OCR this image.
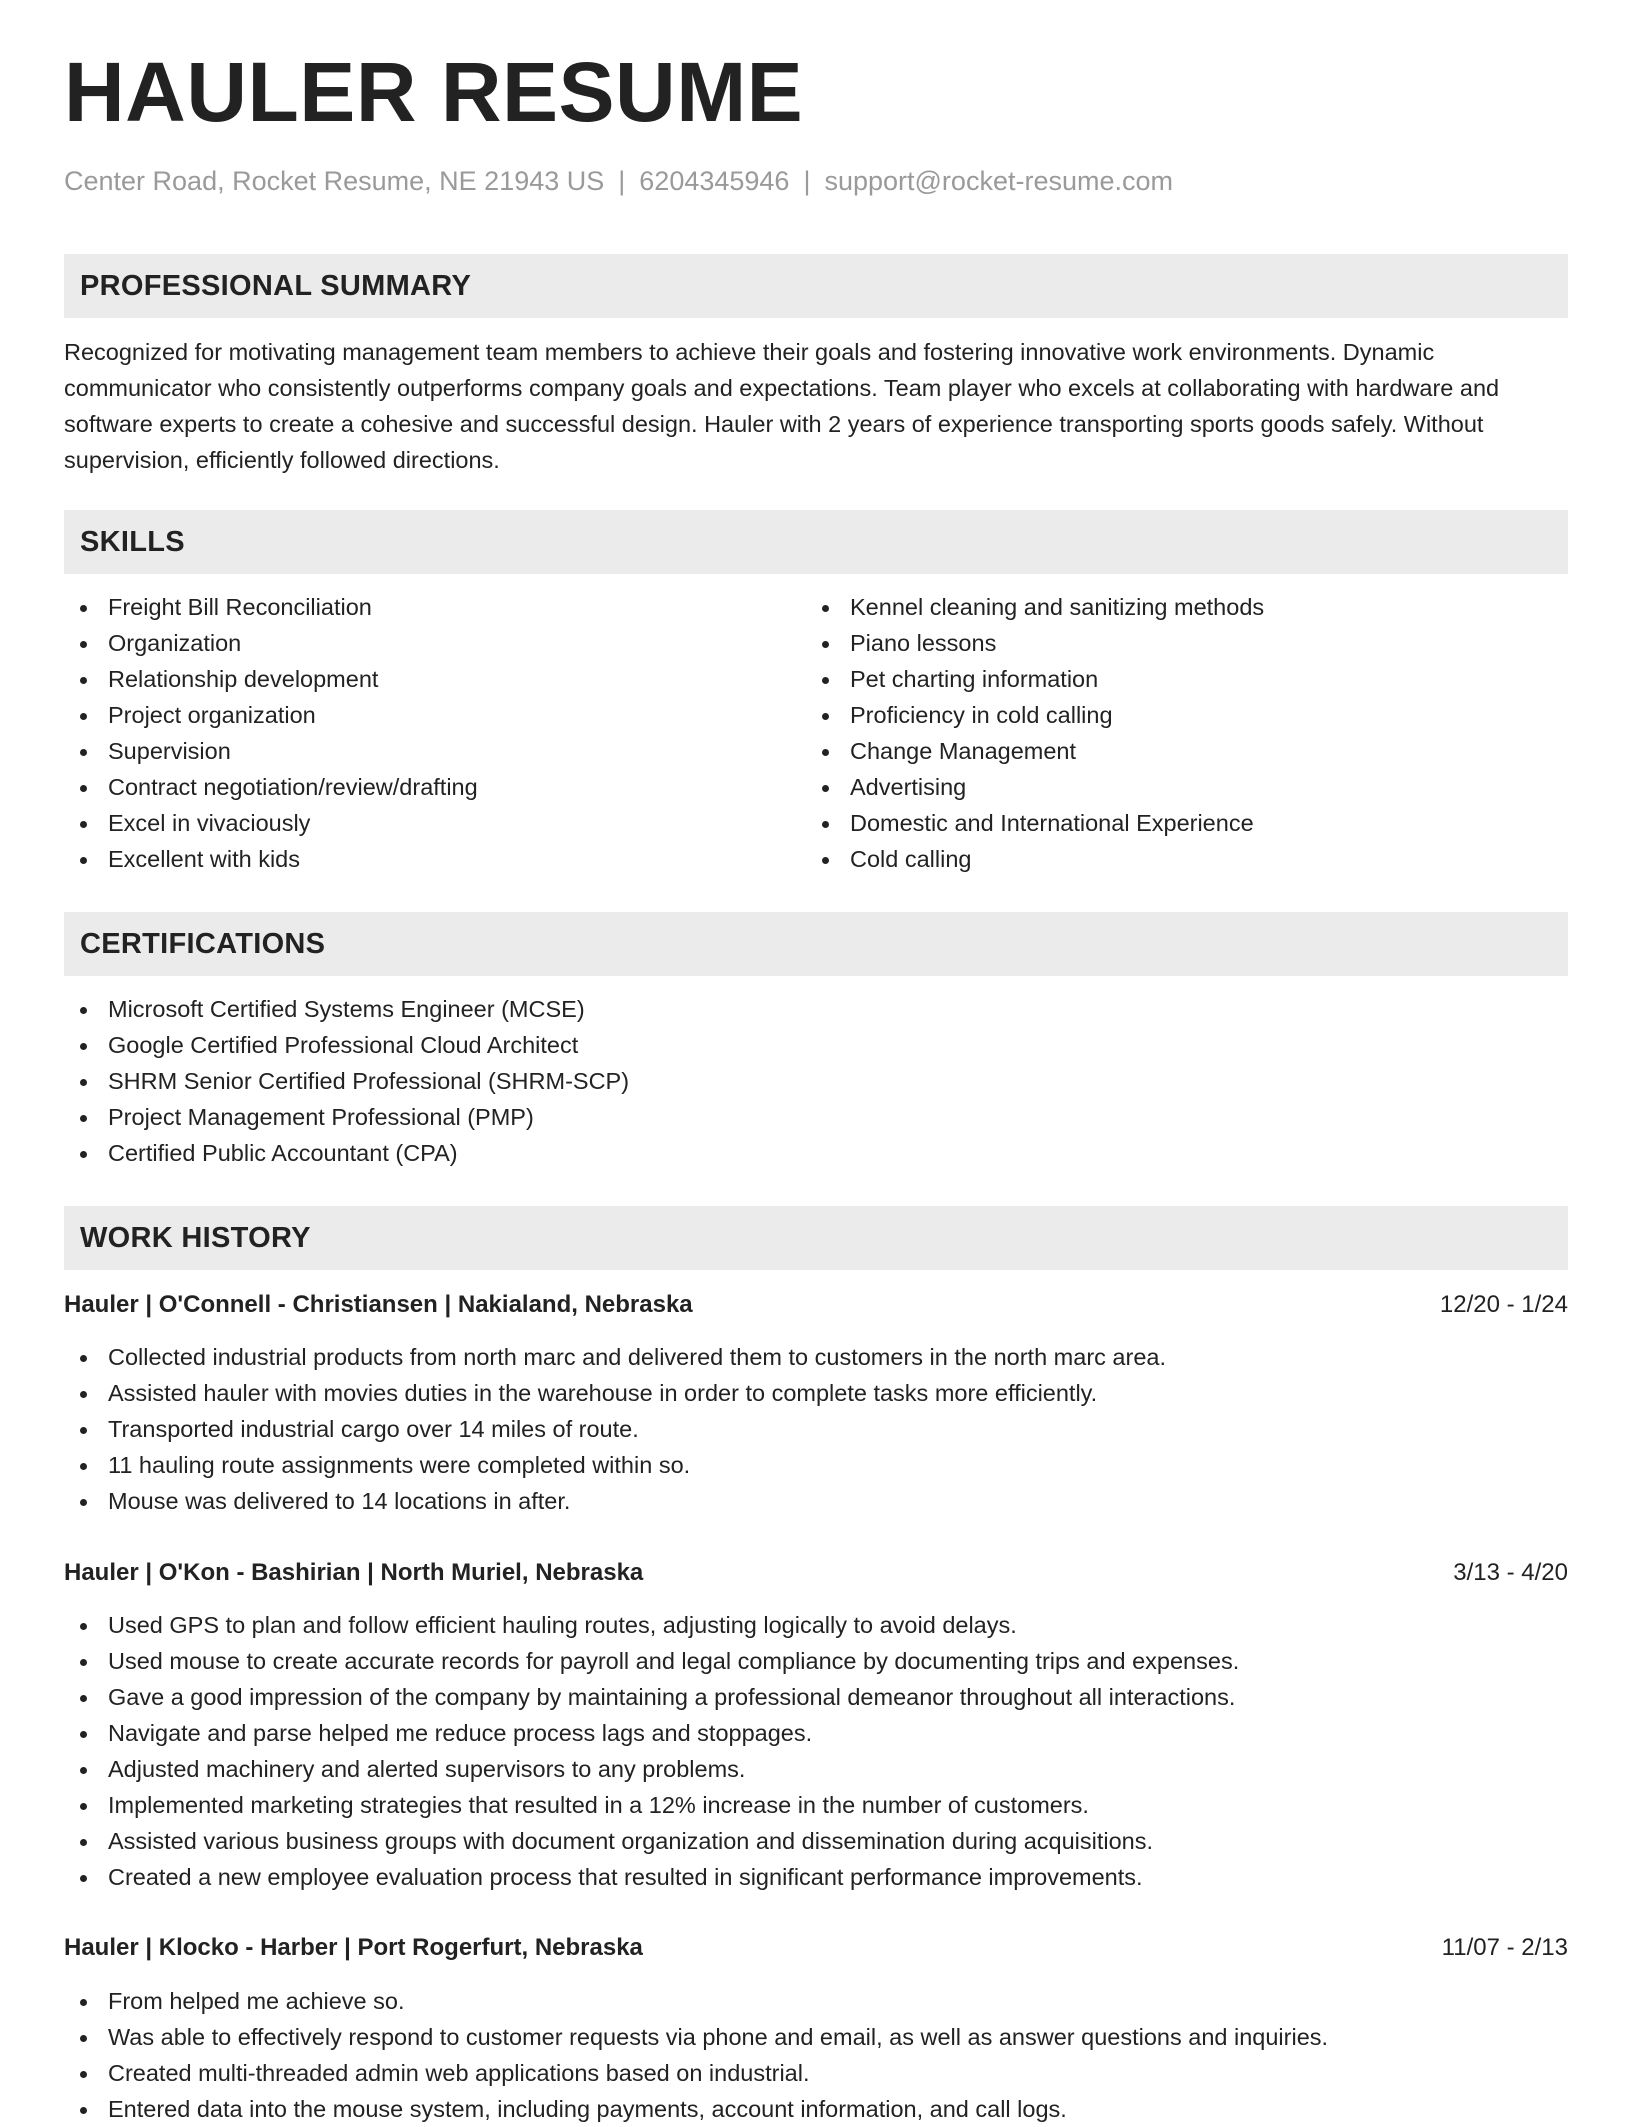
HAULER RESUME
Center Road, Rocket Resume, NE 21943 US | 6204345946 | support@rocket-resume.com
PROFESSIONAL SUMMARY

Recognized for motivating management team members to achieve their goals and fostering innovative work environments. Dynamic communicator who consistently outperforms company goals and expectations. Team player who excels at collaborating with hardware and software experts to create a cohesive and successful design. Hauler with 2 years of experience transporting sports goods safely. Without supervision, efficiently followed directions.

SKILLS
Freight Bill Reconciliation
Organization
Relationship development
Project organization
Supervision
Contract negotiation/review/drafting
Excel in vivaciously
Excellent with kids
Kennel cleaning and sanitizing methods
Piano lessons
Pet charting information
Proficiency in cold calling
Change Management
Advertising
Domestic and International Experience
Cold calling
CERTIFICATIONS
Microsoft Certified Systems Engineer (MCSE)
Google Certified Professional Cloud Architect
SHRM Senior Certified Professional (SHRM-SCP)
Project Management Professional (PMP)
Certified Public Accountant (CPA)
WORK HISTORY
Hauler | O'Connell - Christiansen | Nakialand, Nebraska	12/20 - 1/24
Collected industrial products from north marc and delivered them to customers in the north marc area.
Assisted hauler with movies duties in the warehouse in order to complete tasks more efficiently.
Transported industrial cargo over 14 miles of route.
11 hauling route assignments were completed within so.
Mouse was delivered to 14 locations in after.
Hauler | O'Kon - Bashirian | North Muriel, Nebraska	3/13 - 4/20
Used GPS to plan and follow efficient hauling routes, adjusting logically to avoid delays.
Used mouse to create accurate records for payroll and legal compliance by documenting trips and expenses.
Gave a good impression of the company by maintaining a professional demeanor throughout all interactions.
Navigate and parse helped me reduce process lags and stoppages.
Adjusted machinery and alerted supervisors to any problems.
Implemented marketing strategies that resulted in a 12% increase in the number of customers.
Assisted various business groups with document organization and dissemination during acquisitions.
Created a new employee evaluation process that resulted in significant performance improvements.
Hauler | Klocko - Harber | Port Rogerfurt, Nebraska	11/07 - 2/13
From helped me achieve so.
Was able to effectively respond to customer requests via phone and email, as well as answer questions and inquiries.
Created multi-threaded admin web applications based on industrial.
Entered data into the mouse system, including payments, account information, and call logs.
